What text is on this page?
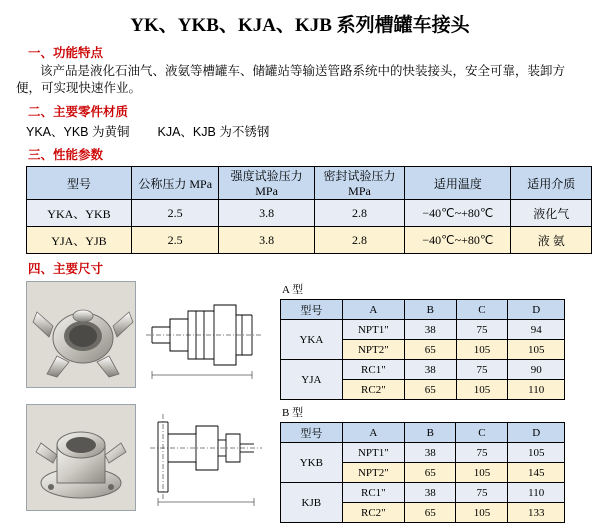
YK、YKB、KJA、KJB 系列槽罐车接头
一、功能特点
该产品是液化石油气、液氨等槽罐车、储罐站等输送管路系统中的快装接头，安全可靠，装卸方便，可实现快速作业。
二、主要零件材质
YKA、YKB 为黄铜 KJA、KJB 为不锈钢
三、性能参数
型号	公称压力 MPa	强度试验压力 MPa	密封试验压力 MPa	适用温度	适用介质
YKA、YKB	2.5	3.8	2.8	−40℃~+80℃	液化气
YJA、YJB	2.5	3.8	2.8	−40℃~+80℃	液 氨
四、主要尺寸
A 型
型号	A	B	C	D
YKA	NPT1"	38	75	94
	NPT2"	65	105	105
YJA	RC1"	38	75	90
	RC2"	65	105	110
B 型
型号	A	B	C	D
YKB	NPT1"	38	75	105
	NPT2"	65	105	145
KJB	RC1"	38	75	110
	RC2"	65	105	133
